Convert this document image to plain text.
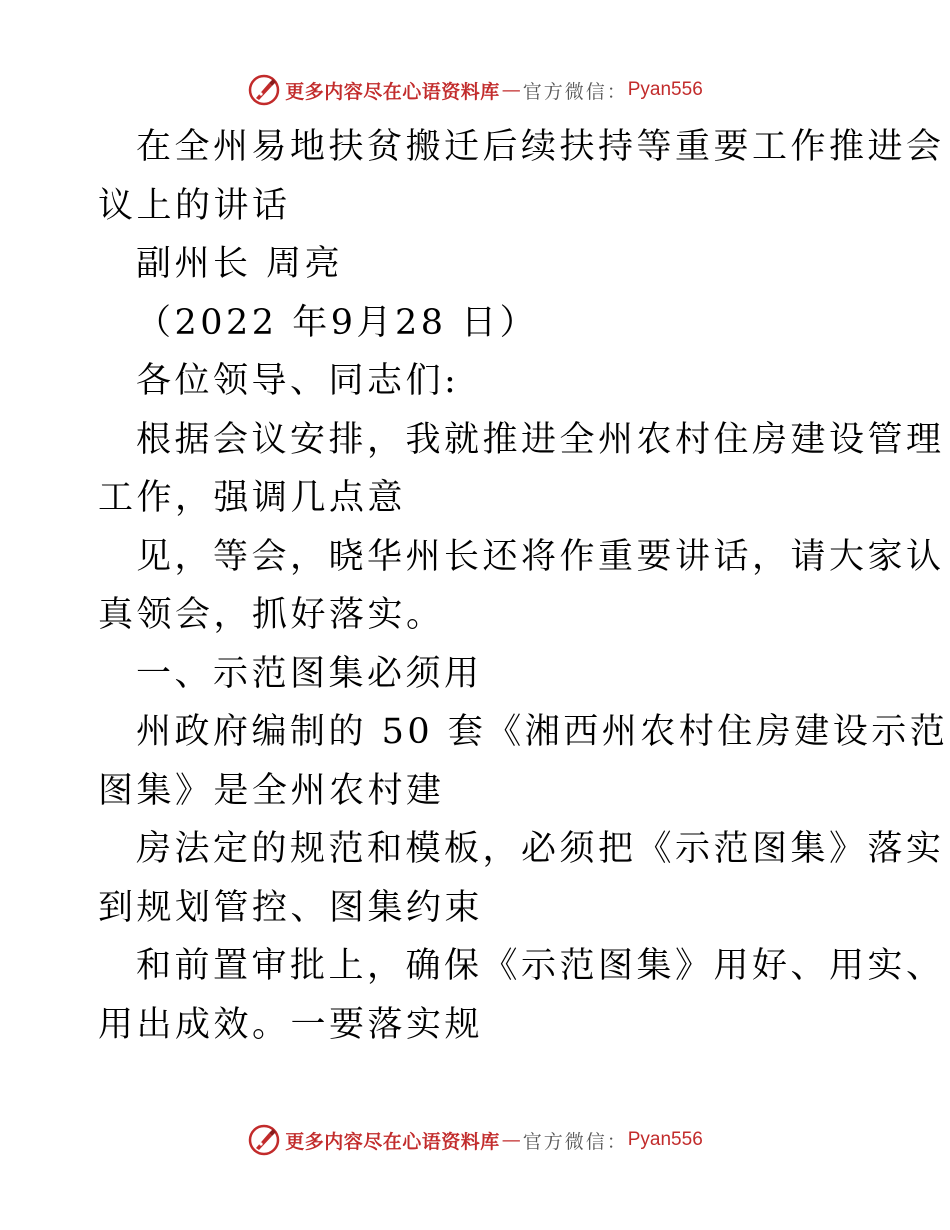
更多内容尽在心语资料库 — 官方微信： Pyan556
在全州易地扶贫搬迁后续扶持等重要工作推进会
议上的讲话
副州长 周亮
（2022 年9月28 日）
各位领导、同志们:
根据会议安排，我就推进全州农村住房建设管理
工作，强调几点意
见，等会，晓华州长还将作重要讲话，请大家认
真领会，抓好落实。
一、示范图集必须用
州政府编制的 50 套《湘西州农村住房建设示范
图集》是全州农村建
房法定的规范和模板，必须把《示范图集》落实
到规划管控、图集约束
和前置审批上，确保《示范图集》用好、用实、
用出成效。一要落实规
更多内容尽在心语资料库 — 官方微信： Pyan556
